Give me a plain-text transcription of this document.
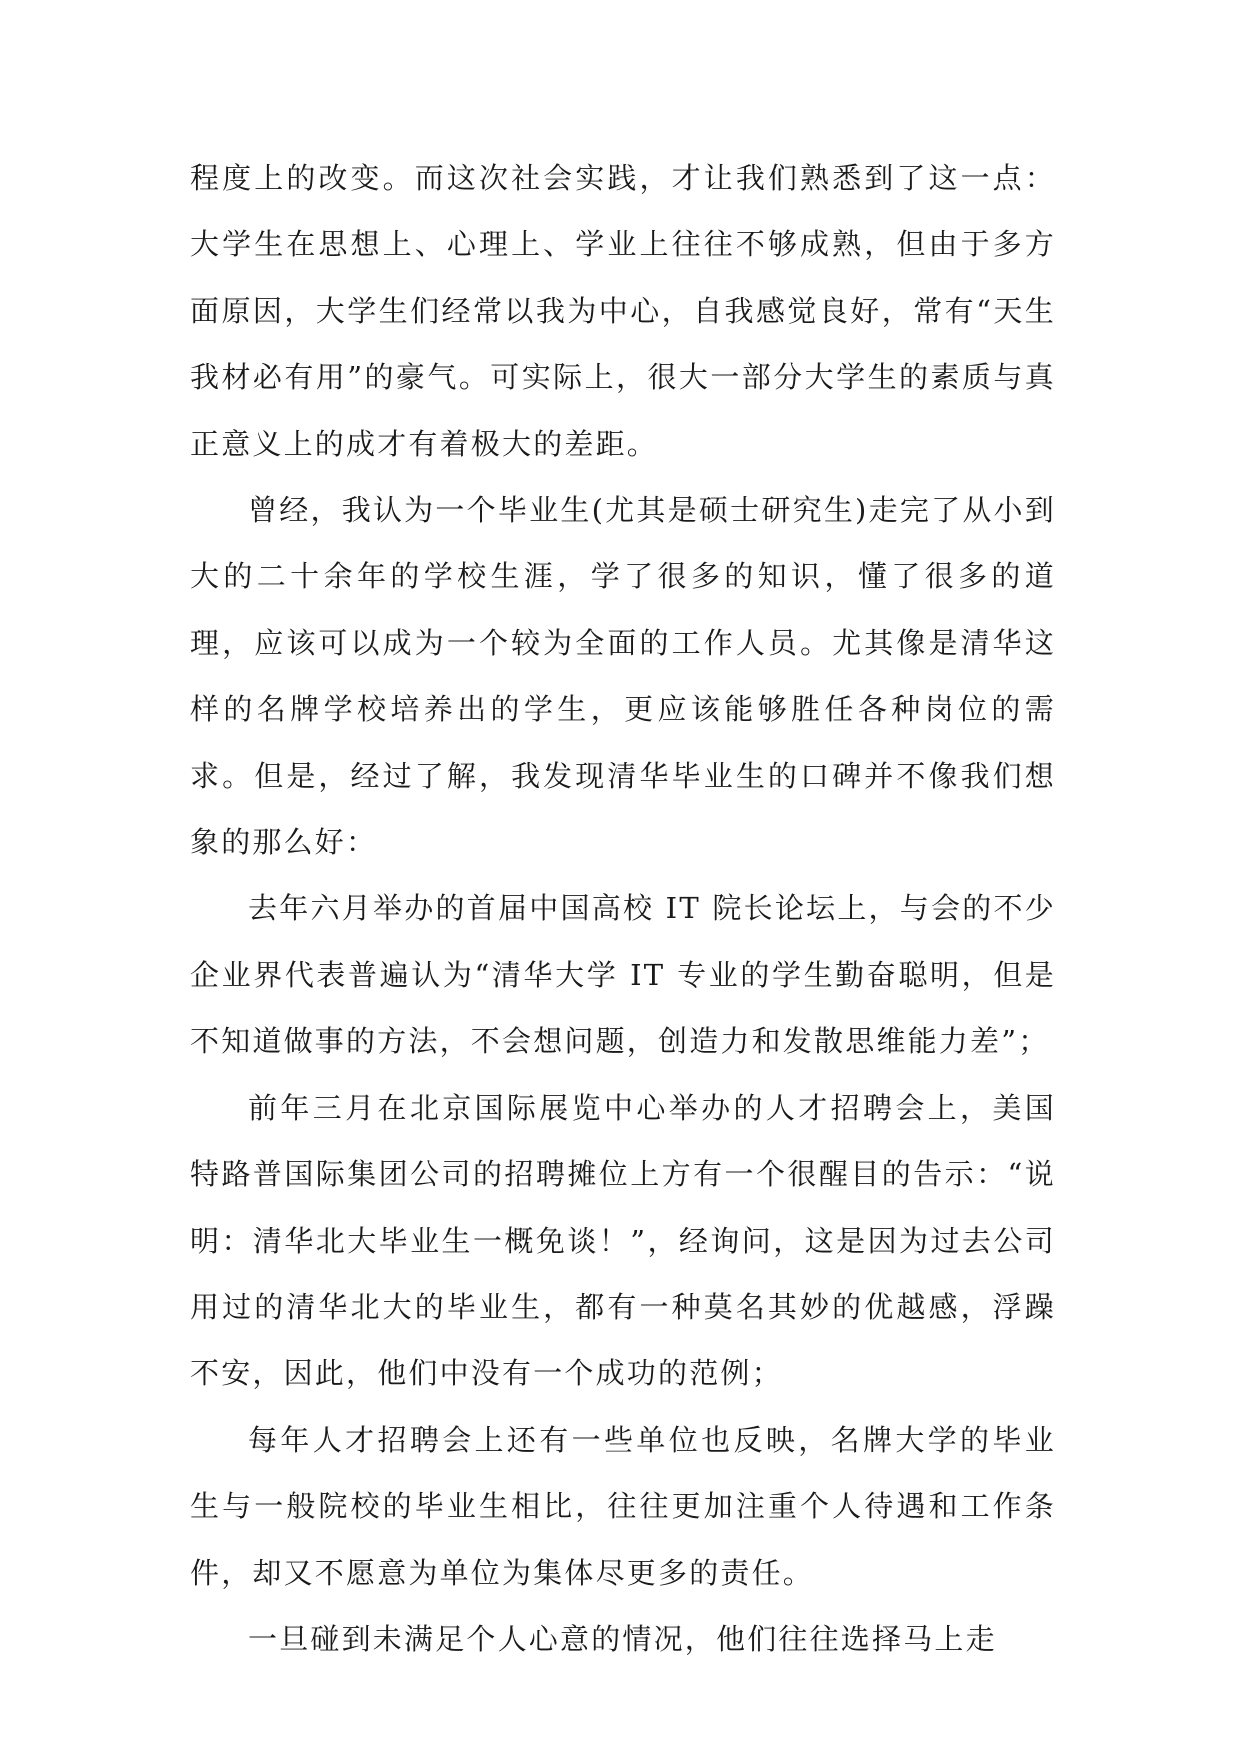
程度上的改变。而这次社会实践，才让我们熟悉到了这一点：大学生在思想上、心理上、学业上往往不够成熟，但由于多方面原因，大学生们经常以我为中心，自我感觉良好，常有“天生我材必有用”的豪气。可实际上，很大一部分大学生的素质与真正意义上的成才有着极大的差距。

曾经，我认为一个毕业生(尤其是硕士研究生)走完了从小到大的二十余年的学校生涯，学了很多的知识，懂了很多的道理，应该可以成为一个较为全面的工作人员。尤其像是清华这样的名牌学校培养出的学生，更应该能够胜任各种岗位的需求。但是，经过了解，我发现清华毕业生的口碑并不像我们想象的那么好：

去年六月举办的首届中国高校 IT 院长论坛上，与会的不少企业界代表普遍认为“清华大学 IT 专业的学生勤奋聪明，但是不知道做事的方法，不会想问题，创造力和发散思维能力差”；

前年三月在北京国际展览中心举办的人才招聘会上，美国特路普国际集团公司的招聘摊位上方有一个很醒目的告示：“说明：清华北大毕业生一概免谈！”，经询问，这是因为过去公司用过的清华北大的毕业生，都有一种莫名其妙的优越感，浮躁不安，因此，他们中没有一个成功的范例；

每年人才招聘会上还有一些单位也反映，名牌大学的毕业生与一般院校的毕业生相比，往往更加注重个人待遇和工作条件，却又不愿意为单位为集体尽更多的责任。

一旦碰到未满足个人心意的情况，他们往往选择马上走
